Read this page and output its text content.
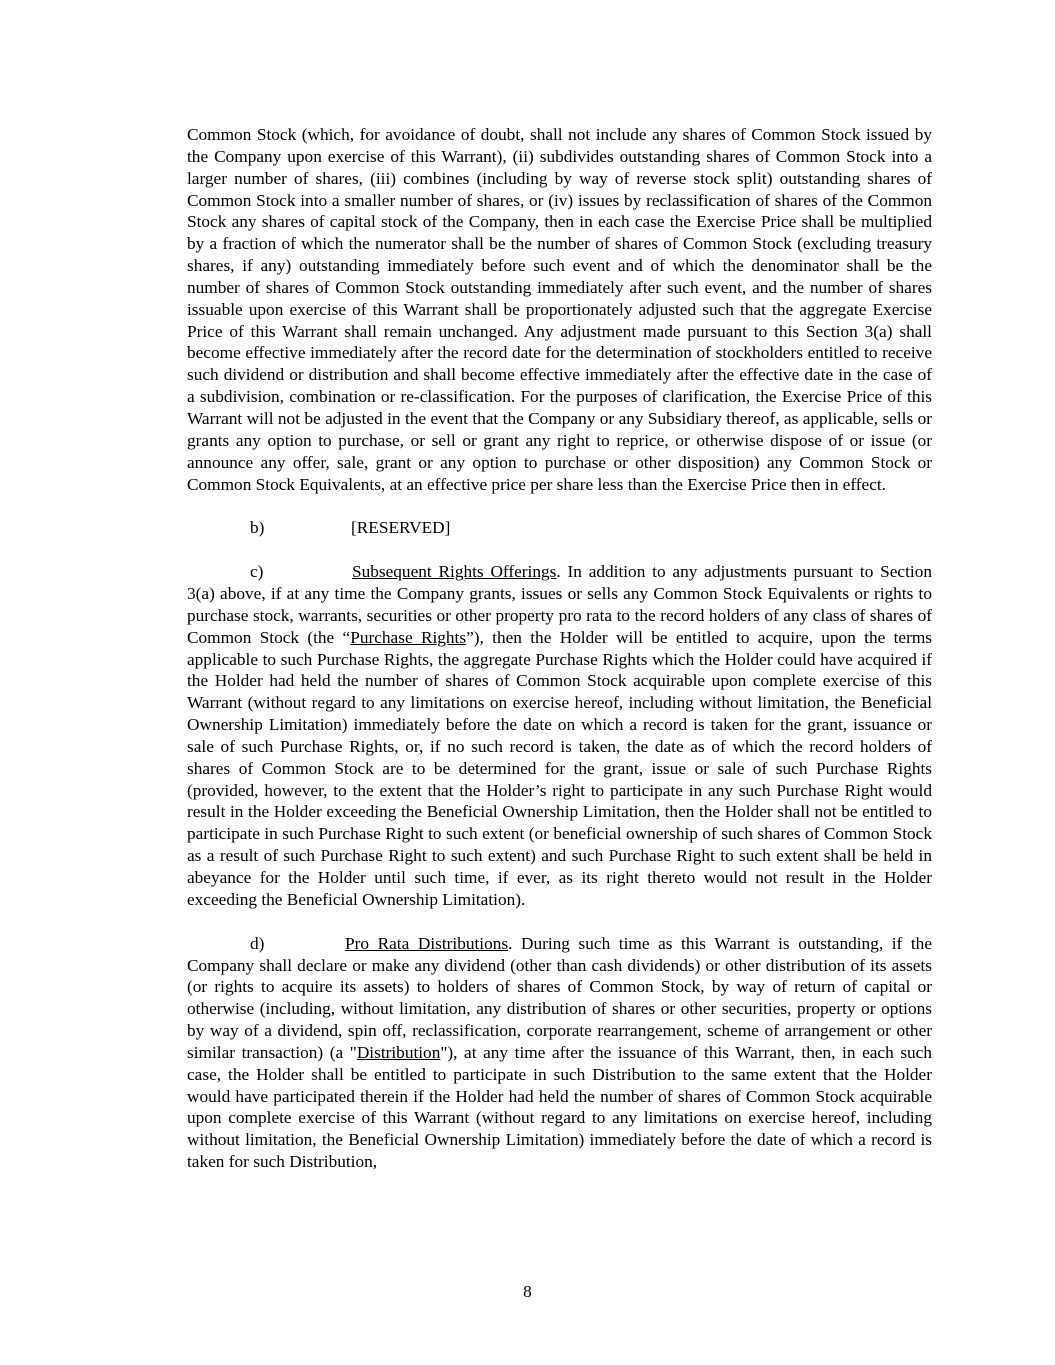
Common Stock (which, for avoidance of doubt, shall not include any shares of Common Stock issued by the Company upon exercise of this Warrant), (ii) subdivides outstanding shares of Common Stock into a larger number of shares, (iii) combines (including by way of reverse stock split) outstanding shares of Common Stock into a smaller number of shares, or (iv) issues by reclassification of shares of the Common Stock any shares of capital stock of the Company, then in each case the Exercise Price shall be multiplied by a fraction of which the numerator shall be the number of shares of Common Stock (excluding treasury shares, if any) outstanding immediately before such event and of which the denominator shall be the number of shares of Common Stock outstanding immediately after such event, and the number of shares issuable upon exercise of this Warrant shall be proportionately adjusted such that the aggregate Exercise Price of this Warrant shall remain unchanged. Any adjustment made pursuant to this Section 3(a) shall become effective immediately after the record date for the determination of stockholders entitled to receive such dividend or distribution and shall become effective immediately after the effective date in the case of a subdivision, combination or re-classification. For the purposes of clarification, the Exercise Price of this Warrant will not be adjusted in the event that the Company or any Subsidiary thereof, as applicable, sells or grants any option to purchase, or sell or grant any right to reprice, or otherwise dispose of or issue (or announce any offer, sale, grant or any option to purchase or other disposition) any Common Stock or Common Stock Equivalents, at an effective price per share less than the Exercise Price then in effect.

b)	[RESERVED]

c)	Subsequent Rights Offerings. In addition to any adjustments pursuant to Section 3(a) above, if at any time the Company grants, issues or sells any Common Stock Equivalents or rights to purchase stock, warrants, securities or other property pro rata to the record holders of any class of shares of Common Stock (the “Purchase Rights”), then the Holder will be entitled to acquire, upon the terms applicable to such Purchase Rights, the aggregate Purchase Rights which the Holder could have acquired if the Holder had held the number of shares of Common Stock acquirable upon complete exercise of this Warrant (without regard to any limitations on exercise hereof, including without limitation, the Beneficial Ownership Limitation) immediately before the date on which a record is taken for the grant, issuance or sale of such Purchase Rights, or, if no such record is taken, the date as of which the record holders of shares of Common Stock are to be determined for the grant, issue or sale of such Purchase Rights (provided, however, to the extent that the Holder’s right to participate in any such Purchase Right would result in the Holder exceeding the Beneficial Ownership Limitation, then the Holder shall not be entitled to participate in such Purchase Right to such extent (or beneficial ownership of such shares of Common Stock as a result of such Purchase Right to such extent) and such Purchase Right to such extent shall be held in abeyance for the Holder until such time, if ever, as its right thereto would not result in the Holder exceeding the Beneficial Ownership Limitation).

d)	Pro Rata Distributions. During such time as this Warrant is outstanding, if the Company shall declare or make any dividend (other than cash dividends) or other distribution of its assets (or rights to acquire its assets) to holders of shares of Common Stock, by way of return of capital or otherwise (including, without limitation, any distribution of shares or other securities, property or options by way of a dividend, spin off, reclassification, corporate rearrangement, scheme of arrangement or other similar transaction) (a "Distribution"), at any time after the issuance of this Warrant, then, in each such case, the Holder shall be entitled to participate in such Distribution to the same extent that the Holder would have participated therein if the Holder had held the number of shares of Common Stock acquirable upon complete exercise of this Warrant (without regard to any limitations on exercise hereof, including without limitation, the Beneficial Ownership Limitation) immediately before the date of which a record is taken for such Distribution,

8
